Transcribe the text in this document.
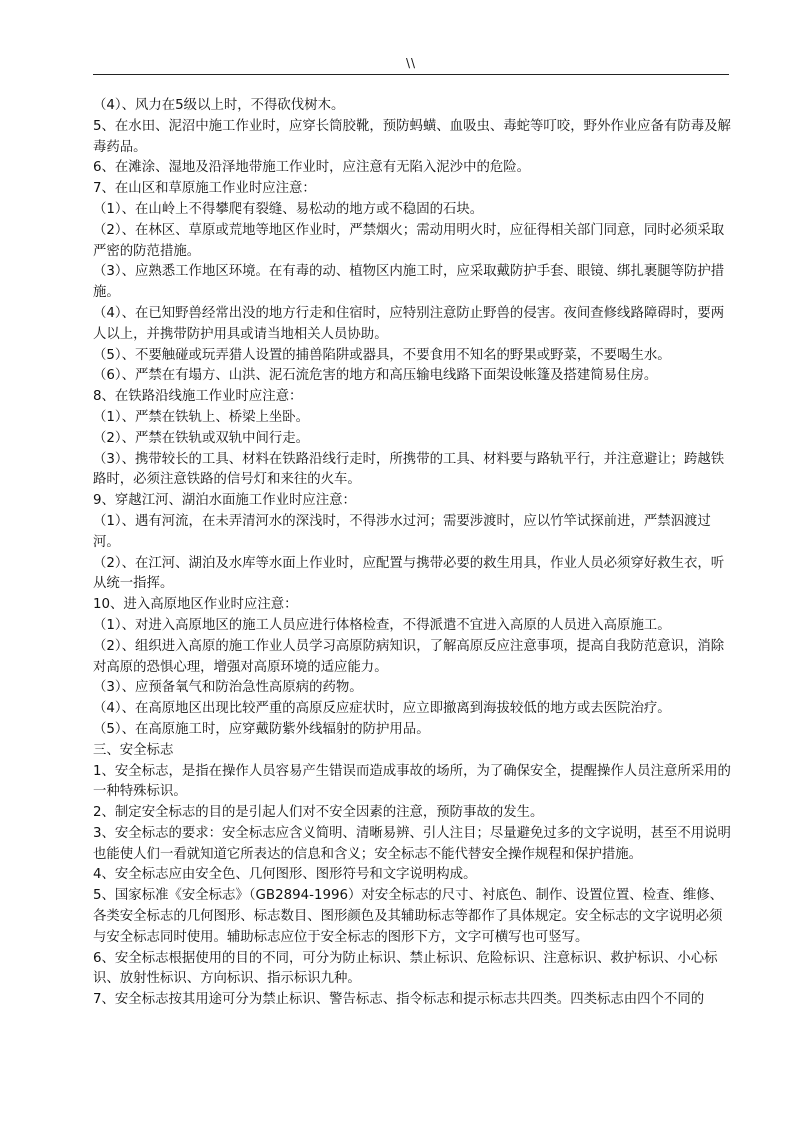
\\

（4）、风力在5级以上时，不得砍伐树木。

5、在水田、泥沼中施工作业时，应穿长筒胶靴，预防蚂蟥、血吸虫、毒蛇等叮咬，野外作业应备有防毒及解毒药品。

6、在滩涂、湿地及沿泽地带施工作业时，应注意有无陷入泥沙中的危险。

7、在山区和草原施工作业时应注意：

（1）、在山岭上不得攀爬有裂缝、易松动的地方或不稳固的石块。

（2）、在林区、草原或荒地等地区作业时，严禁烟火；需动用明火时，应征得相关部门同意，同时必须采取严密的防范措施。

（3）、应熟悉工作地区环境。在有毒的动、植物区内施工时，应采取戴防护手套、眼镜、绑扎裹腿等防护措施。

（4）、在已知野兽经常出没的地方行走和住宿时，应特别注意防止野兽的侵害。夜间查修线路障碍时，要两人以上，并携带防护用具或请当地相关人员协助。

（5）、不要触碰或玩弄猎人设置的捕兽陷阱或器具，不要食用不知名的野果或野菜，不要喝生水。

（6）、严禁在有塌方、山洪、泥石流危害的地方和高压输电线路下面架设帐篷及搭建简易住房。

8、在铁路沿线施工作业时应注意：

（1）、严禁在铁轨上、桥梁上坐卧。

（2）、严禁在铁轨或双轨中间行走。

（3）、携带较长的工具、材料在铁路沿线行走时，所携带的工具、材料要与路轨平行，并注意避让；跨越铁路时，必须注意铁路的信号灯和来往的火车。

9、穿越江河、湖泊水面施工作业时应注意：

（1）、遇有河流，在未弄清河水的深浅时，不得涉水过河；需要涉渡时，应以竹竿试探前进，严禁泅渡过河。

（2）、在江河、湖泊及水库等水面上作业时，应配置与携带必要的救生用具，作业人员必须穿好救生衣，听从统一指挥。

10、进入高原地区作业时应注意：

（1）、对进入高原地区的施工人员应进行体格检查，不得派遣不宜进入高原的人员进入高原施工。

（2）、组织进入高原的施工作业人员学习高原防病知识，了解高原反应注意事项，提高自我防范意识，消除对高原的恐惧心理，增强对高原环境的适应能力。

（3）、应预备氧气和防治急性高原病的药物。

（4）、在高原地区出现比较严重的高原反应症状时，应立即撤离到海拔较低的地方或去医院治疗。

（5）、在高原施工时，应穿戴防紫外线辐射的防护用品。

三、安全标志

1、安全标志，是指在操作人员容易产生错误而造成事故的场所，为了确保安全，提醒操作人员注意所采用的一种特殊标识。

2、制定安全标志的目的是引起人们对不安全因素的注意，预防事故的发生。

3、安全标志的要求：安全标志应含义简明、清晰易辨、引人注目；尽量避免过多的文字说明，甚至不用说明也能使人们一看就知道它所表达的信息和含义；安全标志不能代替安全操作规程和保护措施。

4、安全标志应由安全色、几何图形、图形符号和文字说明构成。

5、国家标准《安全标志》（GB2894-1996）对安全标志的尺寸、衬底色、制作、设置位置、检查、维修、各类安全标志的几何图形、标志数目、图形颜色及其辅助标志等都作了具体规定。安全标志的文字说明必须与安全标志同时使用。辅助标志应位于安全标志的图形下方，文字可横写也可竖写。

6、安全标志根据使用的目的不同，可分为防止标识、禁止标识、危险标识、注意标识、救护标识、小心标识、放射性标识、方向标识、指示标识九种。

7、安全标志按其用途可分为禁止标识、警告标志、指令标志和提示标志共四类。四类标志由四个不同的
